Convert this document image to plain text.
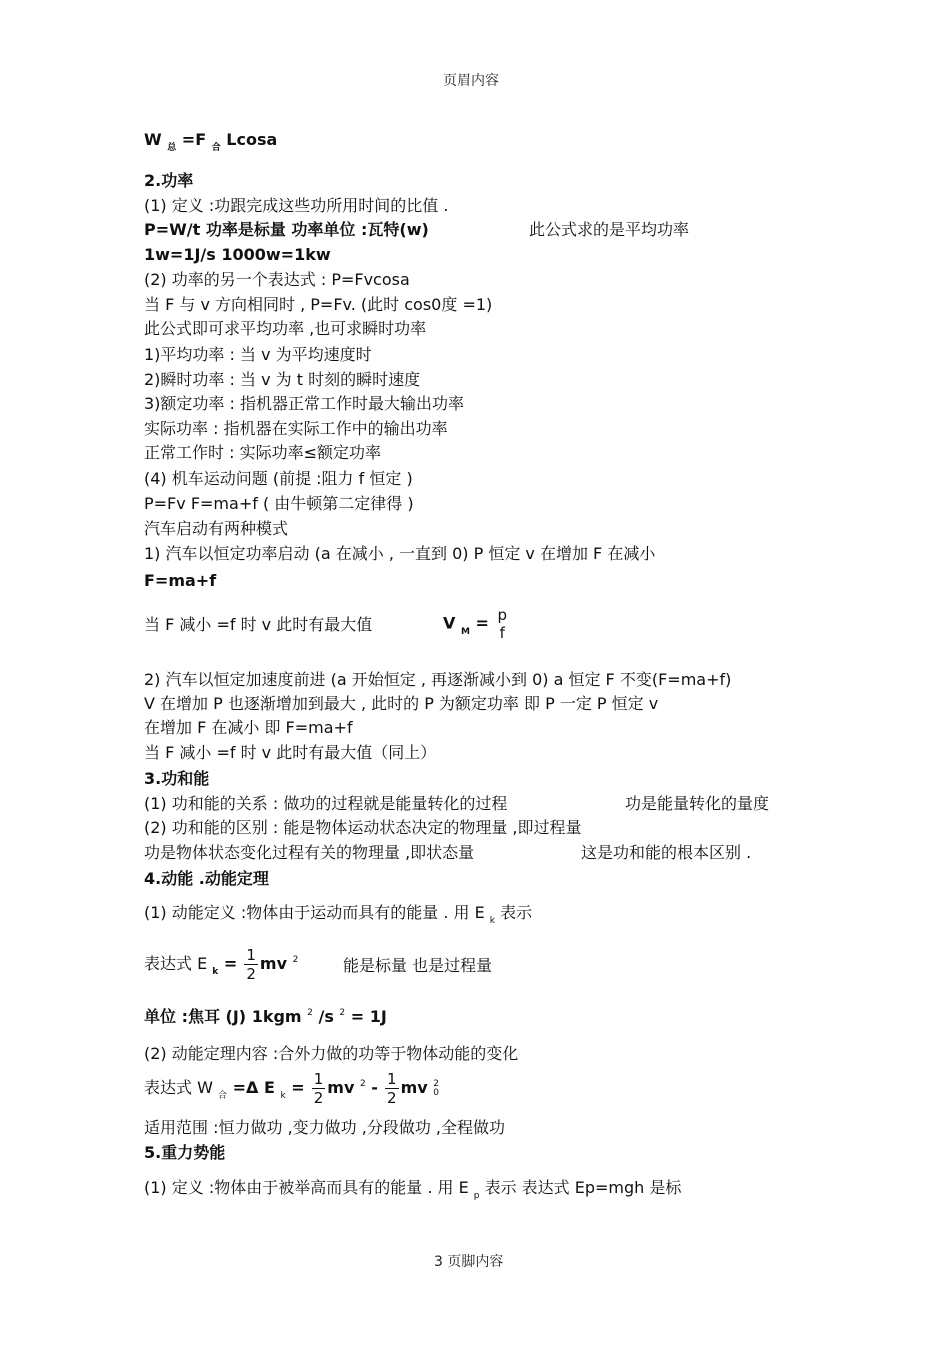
页眉内容
W $_总$ =F $_合$ Lcosa
2.功率
(1) 定义 :功跟完成这些功所用时间的比值 .
P=W/t 功率是标量 功率单位 :瓦特(w)	此公式求的是平均功率
1w=1J/s 1000w=1kw
(2) 功率的另一个表达式 : P=Fvcosa
当 F 与 v 方向相同时 , P=Fv. (此时 cos0度 =1)
此公式即可求平均功率 ,也可求瞬时功率
1)平均功率 : 当 v 为平均速度时
2)瞬时功率 : 当 v 为 t 时刻的瞬时速度
3)额定功率 : 指机器正常工作时最大输出功率
实际功率 : 指机器在实际工作中的输出功率
正常工作时 : 实际功率≤额定功率
(4) 机车运动问题 (前提 :阻力 f 恒定 )
P=Fv F=ma+f ( 由牛顿第二定律得 )
汽车启动有两种模式
1) 汽车以恒定功率启动 (a 在减小 , 一直到 0) P 恒定 v 在增加 F 在减小
F=ma+f
当 F 减小 =f 时 v 此时有最大值	V $_M$ = p
f
2) 汽车以恒定加速度前进 (a 开始恒定 , 再逐渐减小到 0) a 恒定 F 不变(F=ma+f)
V 在增加 P 也逐渐增加到最大 , 此时的 P 为额定功率 即 P 一定 P 恒定 v
在增加 F 在减小 即 F=ma+f
当 F 减小 =f 时 v 此时有最大值（同上）
3.功和能
(1) 功和能的关系 : 做功的过程就是能量转化的过程	功是能量转化的量度
(2) 功和能的区别 : 能是物体运动状态决定的物理量 ,即过程量
功是物体状态变化过程有关的物理量 ,即状态量	这是功和能的根本区别 .
4.动能 .动能定理
(1) 动能定义 :物体由于运动而具有的能量 . 用 E $_k$ 表示
表达式 E $_k = \frac{1}{2}$ mv $^2$	能是标量 也是过程量
单位 :焦耳 (J) 1kgm $^2$ /s $^2$ = 1J
(2) 动能定理内容 :合外力做的功等于物体动能的变化
表达式 W $_合$ =Δ E $_k = \frac{1}{2}$ mv $^2 - \frac{1}{2}$ mv 2
0
适用范围 :恒力做功 ,变力做功 ,分段做功 ,全程做功
5.重力势能
(1) 定义 :物体由于被举高而具有的能量 . 用 E $_p$ 表示 表达式 Ep=mgh 是标
3 页脚内容
